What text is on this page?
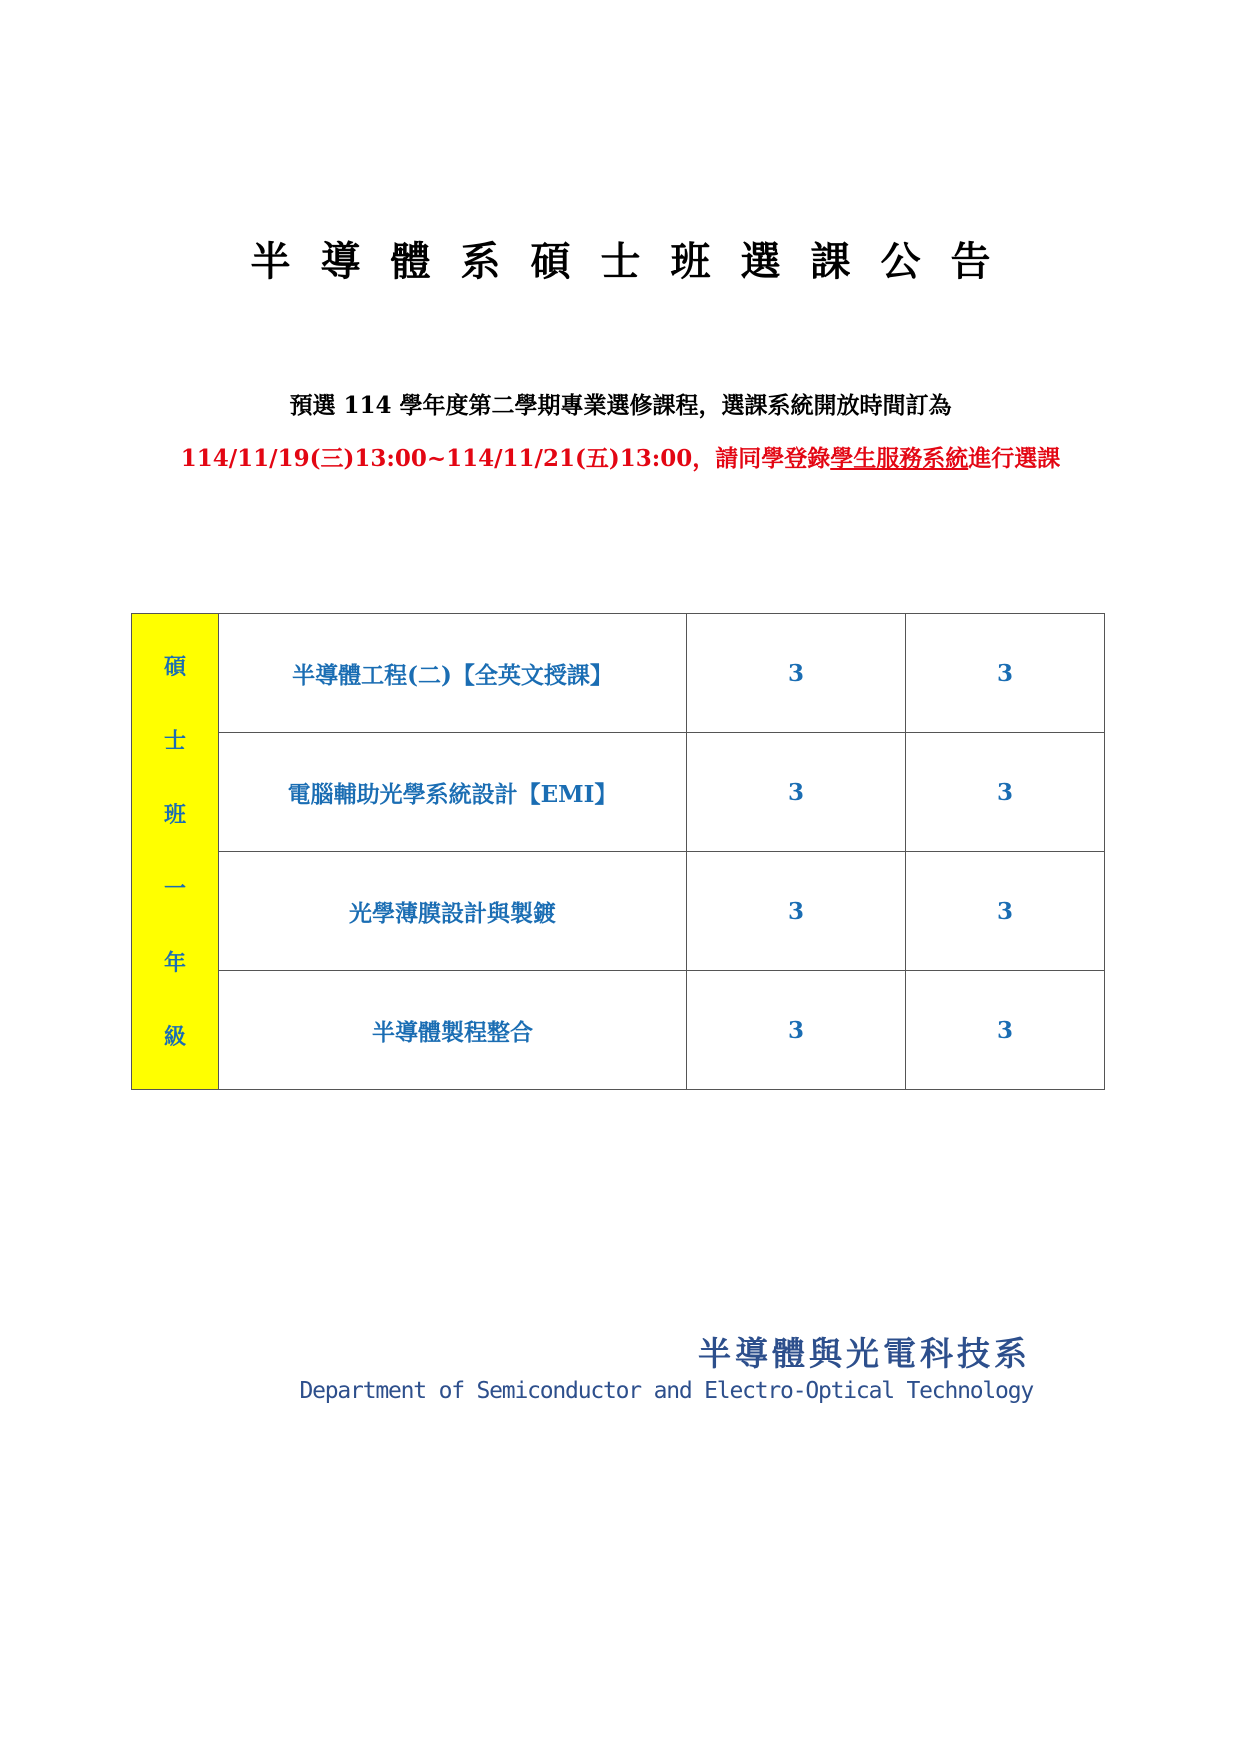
半導體系碩士班選課公告
預選 114 學年度第二學期專業選修課程，選課系統開放時間訂為
114/11/19(三)13:00~114/11/21(五)13:00，請同學登錄學生服務系統進行選課
碩
士
班
一
年
級
	半導體工程(二)【全英文授課】	3	3
	電腦輔助光學系統設計【EMI】	3	3
	光學薄膜設計與製鍍	3	3
	半導體製程整合	3	3
半導體與光電科技系
Department of Semiconductor and Electro-Optical Technology
